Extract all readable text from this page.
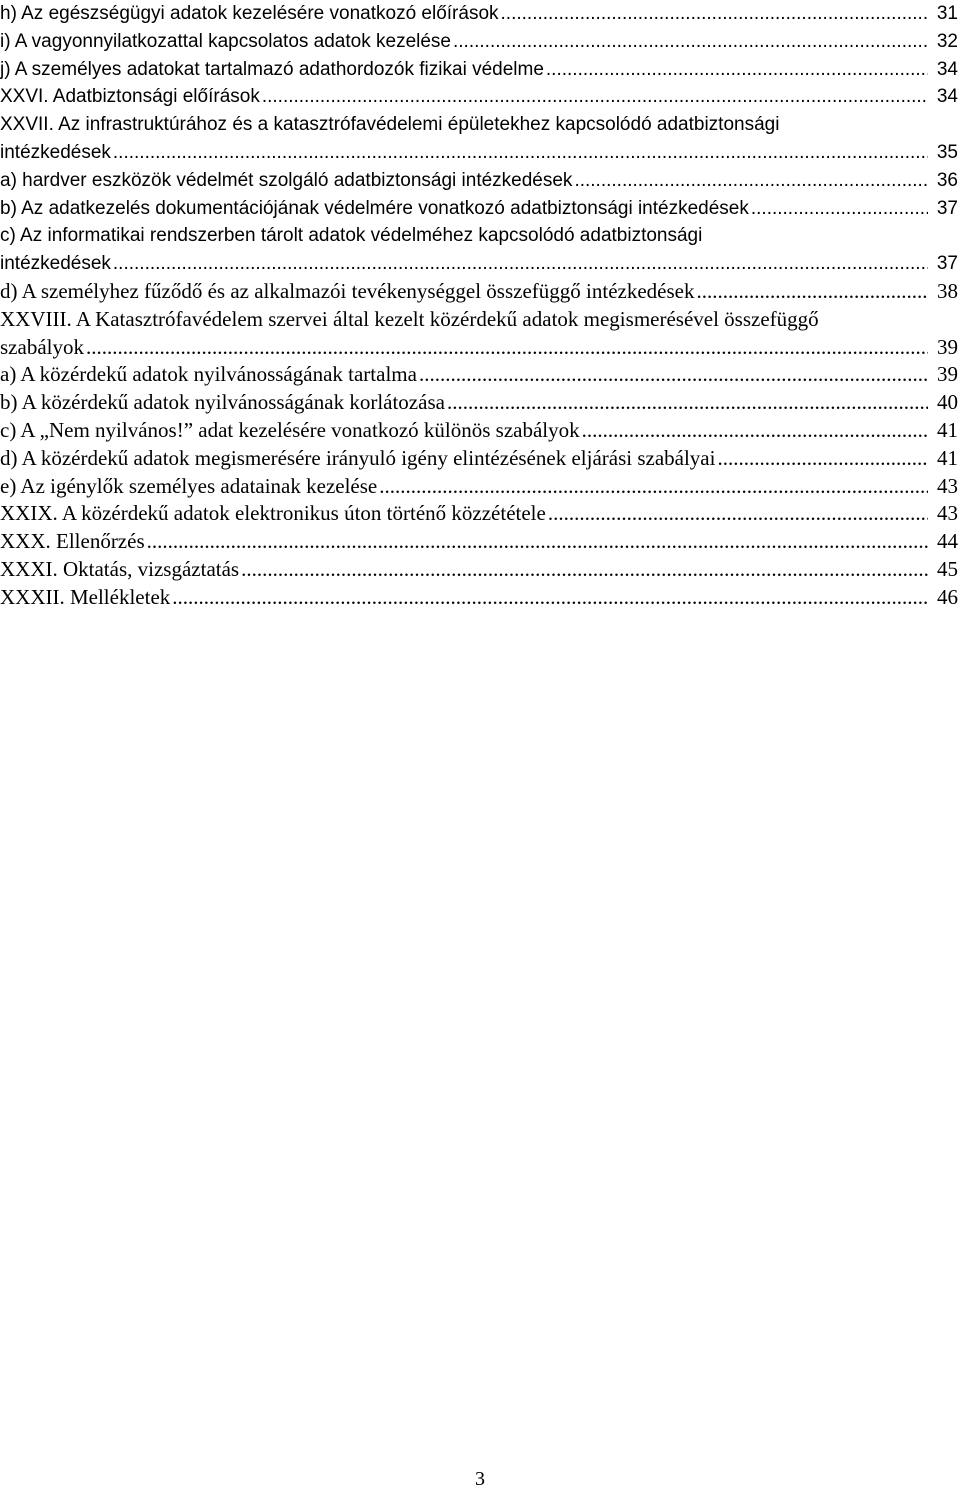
h) Az egészségügyi adatok kezelésére vonatkozó előírások .....	31
i) A vagyonnyilatkozattal kapcsolatos adatok kezelése .....	32
j) A személyes adatokat tartalmazó adathordozók fizikai védelme .....	34
XXVI. Adatbiztonsági előírások .....	34
XXVII. Az infrastruktúrához és a katasztrófavédelemi épületekhez kapcsolódó adatbiztonsági
intézkedések .....	35
a) hardver eszközök védelmét szolgáló adatbiztonsági intézkedések .....	36
b) Az adatkezelés dokumentációjának védelmére vonatkozó adatbiztonsági intézkedések .....	37
c) Az informatikai rendszerben tárolt adatok védelméhez kapcsolódó adatbiztonsági
intézkedések .....	37
d) A személyhez fűződő és az alkalmazói tevékenységgel összefüggő intézkedések .....	38
XXVIII. A Katasztrófavédelem szervei által kezelt közérdekű adatok megismerésével összefüggő
szabályok .....	39
a) A közérdekű adatok nyilvánosságának tartalma .....	39
b) A közérdekű adatok nyilvánosságának korlátozása .....	40
c) A „Nem nyilvános!” adat kezelésére vonatkozó különös szabályok .....	41
d) A közérdekű adatok megismerésére irányuló igény elintézésének eljárási szabályai .....	41
e) Az igénylők személyes adatainak kezelése .....	43
XXIX. A közérdekű adatok elektronikus úton történő közzététele .....	43
XXX. Ellenőrzés .....	44
XXXI. Oktatás, vizsgáztatás .....	45
XXXII. Mellékletek .....	46
3
